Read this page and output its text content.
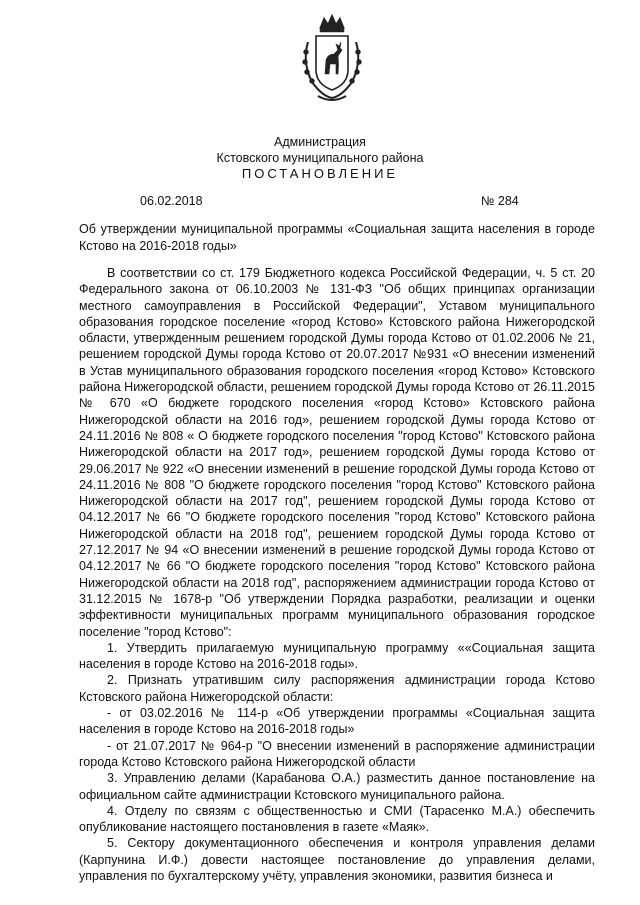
Администрация
Кстовского муниципального района
ПОСТАНОВЛЕНИЕ
06.02.2018	№ 284
Об утверждении муниципальной программы «Социальная защита населения в городе Кстово на 2016-2018 годы»

В соответствии со ст. 179 Бюджетного кодекса Российской Федерации, ч. 5 ст. 20 Федерального закона от 06.10.2003 № 131-ФЗ "Об общих принципах организации местного самоуправления в Российской Федерации", Уставом муниципального образования городское поселение «город Кстово» Кстовского района Нижегородской области, утвержденным решением городской Думы города Кстово от 01.02.2006 № 21, решением городской Думы города Кстово от 20.07.2017 №931 «О внесении изменений в Устав муниципального образования городского поселения «город Кстово» Кстовского района Нижегородской области, решением городской Думы города Кстово от 26.11.2015 № 670 «О бюджете городского поселения «город Кстово» Кстовского района Нижегородской области на 2016 год», решением городской Думы города Кстово от 24.11.2016 № 808 « О бюджете городского поселения "город Кстово" Кстовского района Нижегородской области на 2017 год», решением городской Думы города Кстово от 29.06.2017 № 922 «О внесении изменений в решение городской Думы города Кстово от 24.11.2016 № 808 "О бюджете городского поселения "город Кстово" Кстовского района Нижегородской области на 2017 год", решением городской Думы города Кстово от 04.12.2017 № 66 "О бюджете городского поселения "город Кстово" Кстовского района Нижегородской области на 2018 год", решением городской Думы города Кстово от 27.12.2017 № 94 «О внесении изменений в решение городской Думы города Кстово от 04.12.2017 № 66 "О бюджете городского поселения "город Кстово" Кстовского района Нижегородской области на 2018 год", распоряжением администрации города Кстово от 31.12.2015 № 1678-р "Об утверждении Порядка разработки, реализации и оценки эффективности муниципальных программ муниципального образования городское поселение "город Кстово":

1. Утвердить прилагаемую муниципальную программу ««Социальная защита населения в городе Кстово на 2016-2018 годы».

2. Признать утратившим силу распоряжения администрации города Кстово Кстовского района Нижегородской области:

- от 03.02.2016 № 114-р «Об утверждении программы «Социальная защита населения в городе Кстово на 2016-2018 годы»

- от 21.07.2017 № 964-р "О внесении изменений в распоряжение администрации города Кстово Кстовского района Нижегородской области

3. Управлению делами (Карабанова О.А.) разместить данное постановление на официальном сайте администрации Кстовского муниципального района.

4. Отделу по связям с общественностью и СМИ (Тарасенко М.А.) обеспечить опубликование настоящего постановления в газете «Маяк».

5. Сектору документационного обеспечения и контроля управления делами (Карпунина И.Ф.) довести настоящее постановление до управления делами, управления по бухгалтерскому учёту, управления экономики, развития бизнеса и
